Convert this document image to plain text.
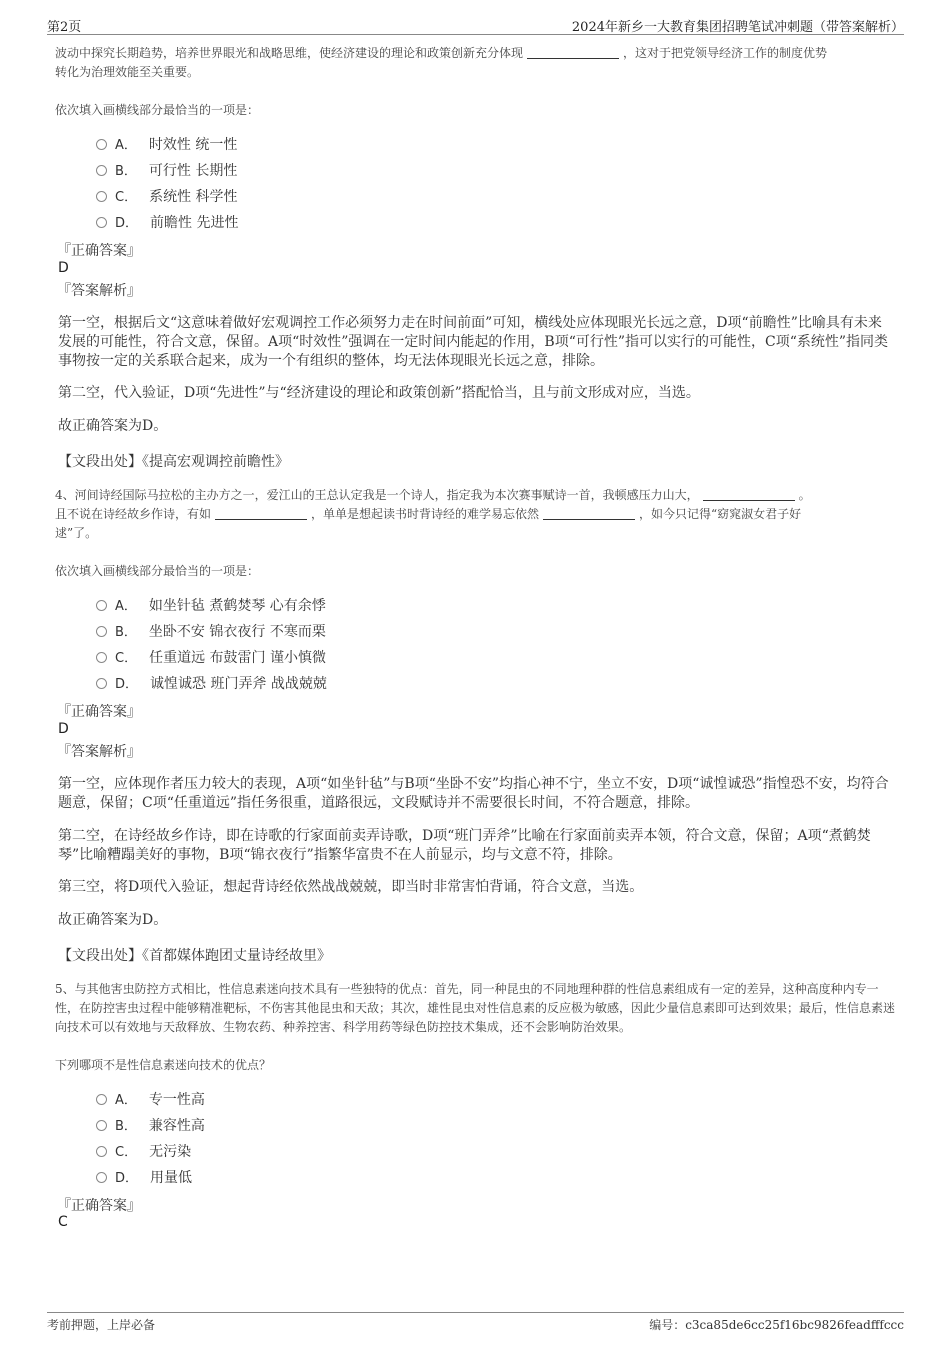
第2页	2024年新乡一大教育集团招聘笔试冲刺题（带答案解析）

波动中探究长期趋势，培养世界眼光和战略思维，使经济建设的理论和政策创新充分体现	，这对于把党领导经济工作的制度优势
转化为治理效能至关重要。

依次填入画横线部分最恰当的一项是：
A． 时效性 统一性
B． 可行性 长期性
C． 系统性 科学性
D． 前瞻性 先进性
『正确答案』
D
『答案解析』

第一空，根据后文“这意味着做好宏观调控工作必须努力走在时间前面”可知，横线处应体现眼光长远之意，D项“前瞻性”比喻具有未来发展的可能性，符合文意，保留。A项“时效性”强调在一定时间内能起的作用，B项“可行性”指可以实行的可能性，C项“系统性”指同类事物按一定的关系联合起来，成为一个有组织的整体，均无法体现眼光长远之意，排除。

第二空，代入验证，D项“先进性”与“经济建设的理论和政策创新”搭配恰当，且与前文形成对应，当选。

故正确答案为D。

【文段出处】《提高宏观调控前瞻性》

4、河间诗经国际马拉松的主办方之一，爱江山的王总认定我是一个诗人，指定我为本次赛事赋诗一首，我顿感压力山大，	。
且不说在诗经故乡作诗，有如	，单单是想起读书时背诗经的难学易忘依然	，如今只记得“窈窕淑女君子好
逑”了。

依次填入画横线部分最恰当的一项是：
A． 如坐针毡 煮鹤焚琴 心有余悸
B． 坐卧不安 锦衣夜行 不寒而栗
C． 任重道远 布鼓雷门 谨小慎微
D． 诚惶诚恐 班门弄斧 战战兢兢
『正确答案』
D
『答案解析』

第一空，应体现作者压力较大的表现，A项“如坐针毡”与B项“坐卧不安”均指心神不宁，坐立不安，D项“诚惶诚恐”指惶恐不安，均符合题意，保留；C项“任重道远”指任务很重，道路很远，文段赋诗并不需要很长时间，不符合题意，排除。

第二空，在诗经故乡作诗，即在诗歌的行家面前卖弄诗歌，D项“班门弄斧”比喻在行家面前卖弄本领，符合文意，保留；A项“煮鹤焚琴”比喻糟蹋美好的事物，B项“锦衣夜行”指繁华富贵不在人前显示，均与文意不符，排除。

第三空，将D项代入验证，想起背诗经依然战战兢兢，即当时非常害怕背诵，符合文意，当选。

故正确答案为D。

【文段出处】《首都媒体跑团丈量诗经故里》

5、与其他害虫防控方式相比，性信息素迷向技术具有一些独特的优点：首先，同一种昆虫的不同地理种群的性信息素组成有一定的差异，这种高度种内专一性，在防控害虫过程中能够精准靶标，不伤害其他昆虫和天敌；其次，雄性昆虫对性信息素的反应极为敏感，因此少量信息素即可达到效果；最后，性信息素迷向技术可以有效地与天敌释放、生物农药、种养控害、科学用药等绿色防控技术集成，还不会影响防治效果。

下列哪项不是性信息素迷向技术的优点？
A． 专一性高
B． 兼容性高
C． 无污染
D． 用量低
『正确答案』
C
考前押题，上岸必备	编号：c3ca85de6cc25f16bc9826feadfffccc
